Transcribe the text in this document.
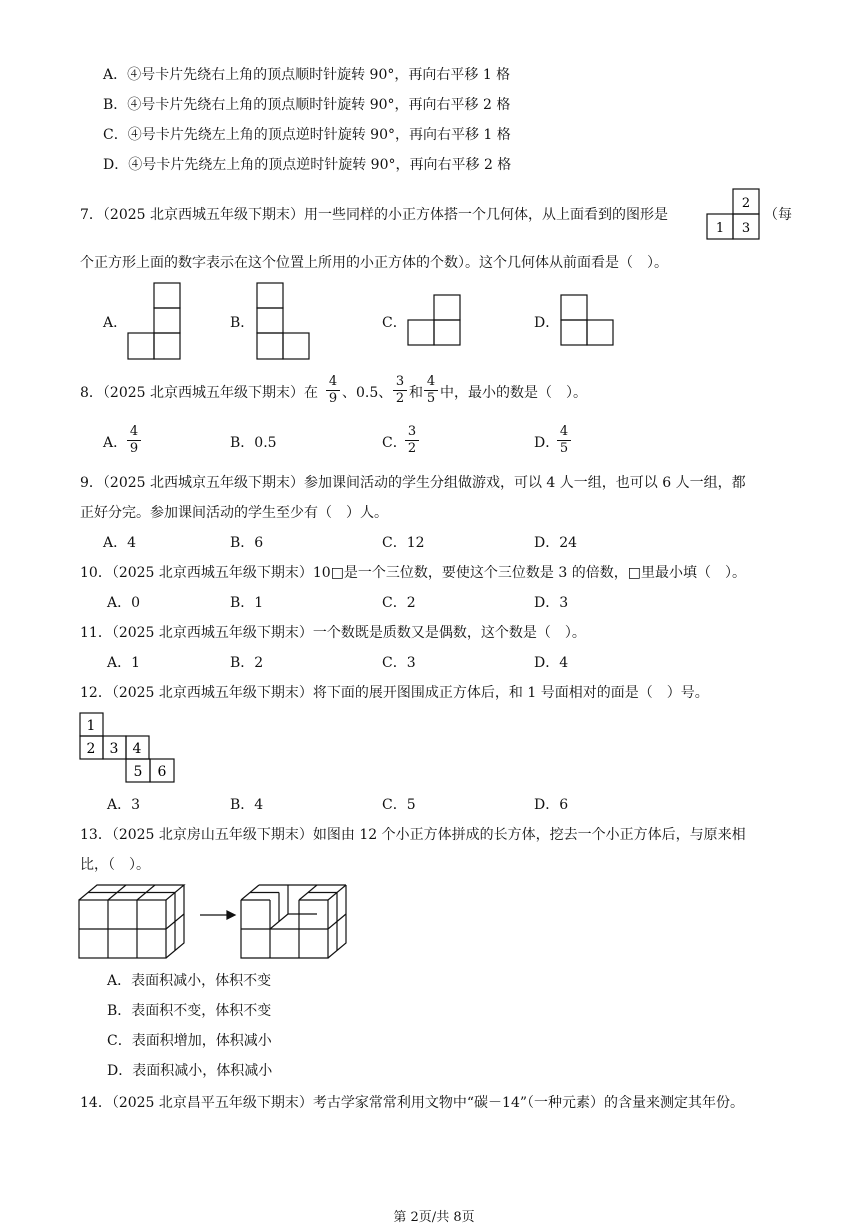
A．④号卡片先绕右上角的顶点顺时针旋转 90°，再向右平移 1 格
B．④号卡片先绕右上角的顶点顺时针旋转 90°，再向右平移 2 格
C．④号卡片先绕左上角的顶点逆时针旋转 90°，再向右平移 1 格
D．④号卡片先绕左上角的顶点逆时针旋转 90°，再向右平移 2 格
7．（2025 北京西城五年级下期末）用一些同样的小正方体搭一个几何体，从上面看到的图形是
2
1 3
（每
个正方形上面的数字表示在这个位置上所用的小正方体的个数）。这个几何体从前面看是（　）。
A．	B．	C．	D．
8．（2025 北京西城五年级下期末）在
4
9 、0.5、
3
2 和
4
5 中，最小的数是（　）。
A．
4
9	B．0.5	C．
3
2	D．
4
5
9．（2025 北西城京五年级下期末）参加课间活动的学生分组做游戏，可以 4 人一组，也可以 6 人一组，都
正好分完。参加课间活动的学生至少有（　）人。
A．4	B．6	C．12	D．24
10．（2025 北京西城五年级下期末）10□是一个三位数，要使这个三位数是 3 的倍数，□里最小填（　）。
A．0	B．1	C．2	D．3
11．（2025 北京西城五年级下期末）一个数既是质数又是偶数，这个数是（　）。
A．1	B．2	C．3	D．4
12．（2025 北京西城五年级下期末）将下面的展开图围成正方体后，和 1 号面相对的面是（　）号。
1
2 3 4
5 6
A．3	B．4	C．5	D．6
13．（2025 北京房山五年级下期末）如图由 12 个小正方体拼成的长方体，挖去一个小正方体后，与原来相
比，（　）。
A．表面积减小，体积不变
B．表面积不变，体积不变
C．表面积增加，体积减小
D．表面积减小，体积减小
14．（2025 北京昌平五年级下期末）考古学家常常利用文物中“碳－14”（一种元素）的含量来测定其年份。
第 2页/共 8页
